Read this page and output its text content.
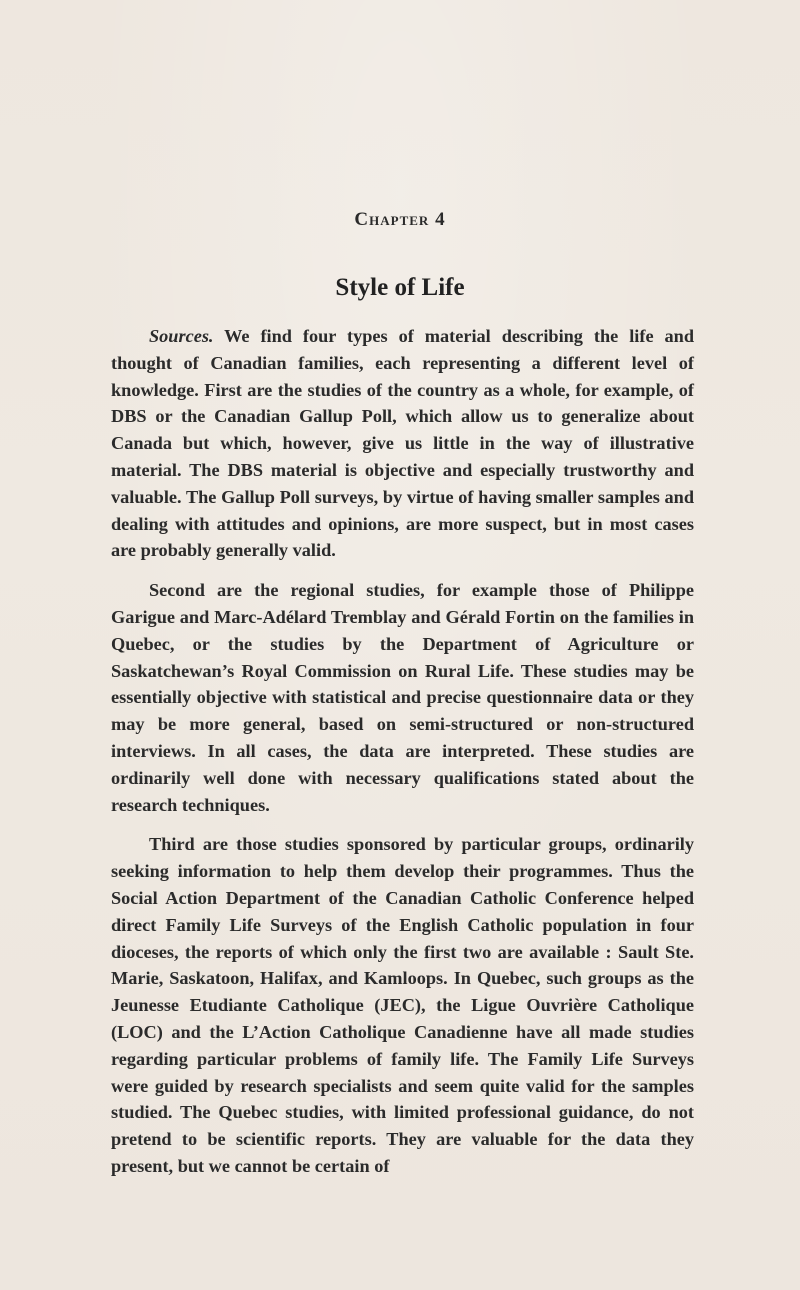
Chapter 4
Style of Life

Sources. We find four types of material describing the life and thought of Canadian families, each representing a different level of knowledge. First are the studies of the country as a whole, for example, of DBS or the Canadian Gallup Poll, which allow us to generalize about Canada but which, however, give us little in the way of illustrative material. The DBS material is objective and especially trustworthy and valuable. The Gallup Poll surveys, by virtue of having smaller samples and dealing with attitudes and opinions, are more suspect, but in most cases are probably generally valid.

Second are the regional studies, for example those of Philippe Garigue and Marc-Adélard Tremblay and Gérald Fortin on the families in Quebec, or the studies by the Department of Agriculture or Saskatchewan’s Royal Commission on Rural Life. These studies may be essentially objective with statistical and precise questionnaire data or they may be more general, based on semi-structured or non-structured interviews. In all cases, the data are interpreted. These studies are ordinarily well done with necessary qualifications stated about the research techniques.

Third are those studies sponsored by particular groups, ordinarily seeking information to help them develop their programmes. Thus the Social Action Department of the Canadian Catholic Conference helped direct Family Life Surveys of the English Catholic population in four dioceses, the reports of which only the first two are available : Sault Ste. Marie, Saskatoon, Halifax, and Kamloops. In Quebec, such groups as the Jeunesse Etudiante Catholique (JEC), the Ligue Ouvrière Catholique (LOC) and the L’Action Catholique Canadienne have all made studies regarding particular problems of family life. The Family Life Surveys were guided by research specialists and seem quite valid for the samples studied. The Quebec studies, with limited professional guidance, do not pretend to be scientific reports. They are valuable for the data they present, but we cannot be certain of
